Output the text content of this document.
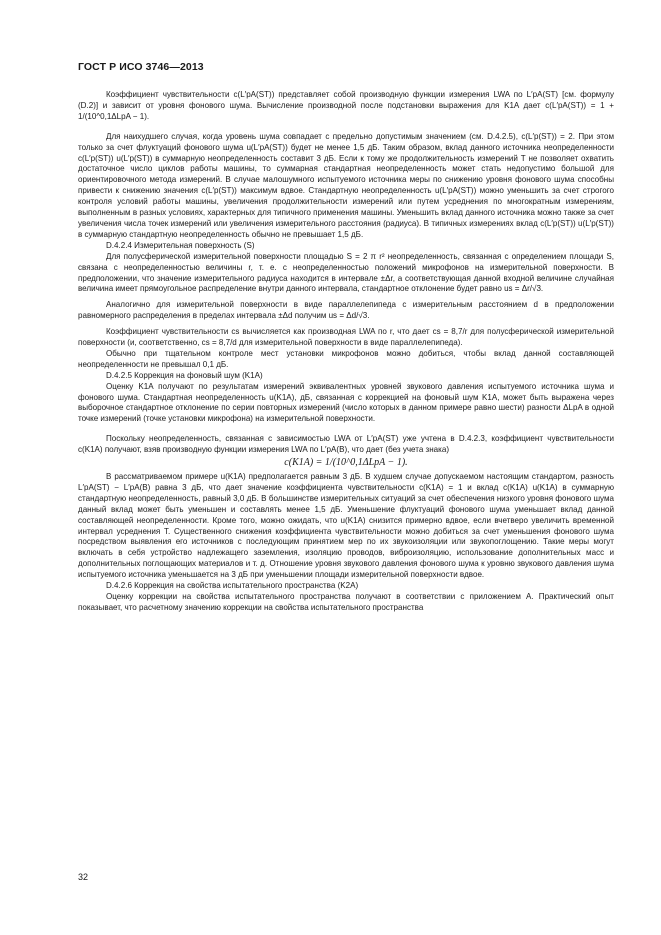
ГОСТ Р ИСО 3746—2013

Коэффициент чувствительности c(L′pA(ST)) представляет собой производную функции измерения LWA по L′pA(ST) [см. формулу (D.2)] и зависит от уровня фонового шума. Вычисление производной после подстановки выражения для K1A дает c(L′pA(ST)) = 1 + 1/(10^0,1ΔLpA − 1).

Для наихудшего случая, когда уровень шума совпадает с предельно допустимым значением (см. D.4.2.5), c(L′p(ST)) = 2. При этом только за счет флуктуаций фонового шума u(L′pA(ST)) будет не менее 1,5 дБ. Таким образом, вклад данного источника неопределенности c(L′p(ST)) u(L′p(ST)) в суммарную неопределенность составит 3 дБ. Если к тому же продолжительность измерений T не позволяет охватить достаточное число циклов работы машины, то суммарная стандартная неопределенность может стать недопустимо большой для ориентировочного метода измерений. В случае малошумного испытуемого источника меры по снижению уровня фонового шума способны привести к снижению значения c(L′p(ST)) максимум вдвое. Стандартную неопределенность u(L′pA(ST)) можно уменьшить за счет строгого контроля условий работы машины, увеличения продолжительности измерений или путем усреднения по многократным измерениям, выполненным в разных условиях, характерных для типичного применения машины. Уменьшить вклад данного источника можно также за счет увеличения числа точек измерений или увеличения измерительного расстояния (радиуса). В типичных измерениях вклад c(L′p(ST)) u(L′p(ST)) в суммарную стандартную неопределенность обычно не превышает 1,5 дБ.

D.4.2.4 Измерительная поверхность (S)

Для полусферической измерительной поверхности площадью S = 2 π r² неопределенность, связанная с определением площади S, связана с неопределенностью величины r, т. е. с неопределенностью положений микрофонов на измерительной поверхности. В предположении, что значение измерительного радиуса находится в интервале ±Δr, а соответствующая данной входной величине случайная величина имеет прямоугольное распределение внутри данного интервала, стандартное отклонение будет равно us = Δr/√3.

Аналогично для измерительной поверхности в виде параллелепипеда с измерительным расстоянием d в предположении равномерного распределения в пределах интервала ±Δd получим us = Δd/√3.

Коэффициент чувствительности cs вычисляется как производная LWA по r, что дает cs = 8,7/r для полусферической измерительной поверхности (и, соответственно, cs = 8,7/d для измерительной поверхности в виде параллелепипеда).

Обычно при тщательном контроле мест установки микрофонов можно добиться, чтобы вклад данной составляющей неопределенности не превышал 0,1 дБ.

D.4.2.5 Коррекция на фоновый шум (K1A)

Оценку K1A получают по результатам измерений эквивалентных уровней звукового давления испытуемого источника шума и фонового шума. Стандартная неопределенность u(K1A), дБ, связанная с коррекцией на фоновый шум K1A, может быть выражена через выборочное стандартное отклонение по серии повторных измерений (число которых в данном примере равно шести) разности ΔLpA в одной точке измерений (точке установки микрофона) на измерительной поверхности.

Поскольку неопределенность, связанная с зависимостью LWA от L′pA(ST) уже учтена в D.4.2.3, коэффициент чувствительности c(K1A) получают, взяв производную функции измерения LWA по L′pA(B), что дает (без учета знака)

c(K1A) = 1/(10^0,1ΔLpA − 1).

В рассматриваемом примере u(K1A) предполагается равным 3 дБ. В худшем случае допускаемом настоящим стандартом, разность L′pA(ST) − L′pA(B) равна 3 дБ, что дает значение коэффициента чувствительности c(K1A) = 1 и вклад c(K1A) u(K1A) в суммарную стандартную неопределенность, равный 3,0 дБ. В большинстве измерительных ситуаций за счет обеспечения низкого уровня фонового шума данный вклад может быть уменьшен и составлять менее 1,5 дБ. Уменьшение флуктуаций фонового шума уменьшает вклад данной составляющей неопределенности. Кроме того, можно ожидать, что u(K1A) снизится примерно вдвое, если вчетверо увеличить временной интервал усреднения T. Существенного снижения коэффициента чувствительности можно добиться за счет уменьшения фонового шума посредством выявления его источников с последующим принятием мер по их звукоизоляции или звукопоглощению. Такие меры могут включать в себя устройство надлежащего заземления, изоляцию проводов, виброизоляцию, использование дополнительных масс и дополнительных поглощающих материалов и т. д. Отношение уровня звукового давления фонового шума к уровню звукового давления шума испытуемого источника уменьшается на 3 дБ при уменьшении площади измерительной поверхности вдвое.

D.4.2.6 Коррекция на свойства испытательного пространства (K2A)

Оценку коррекции на свойства испытательного пространства получают в соответствии с приложением А. Практический опыт показывает, что расчетному значению коррекции на свойства испытательного пространства

32
